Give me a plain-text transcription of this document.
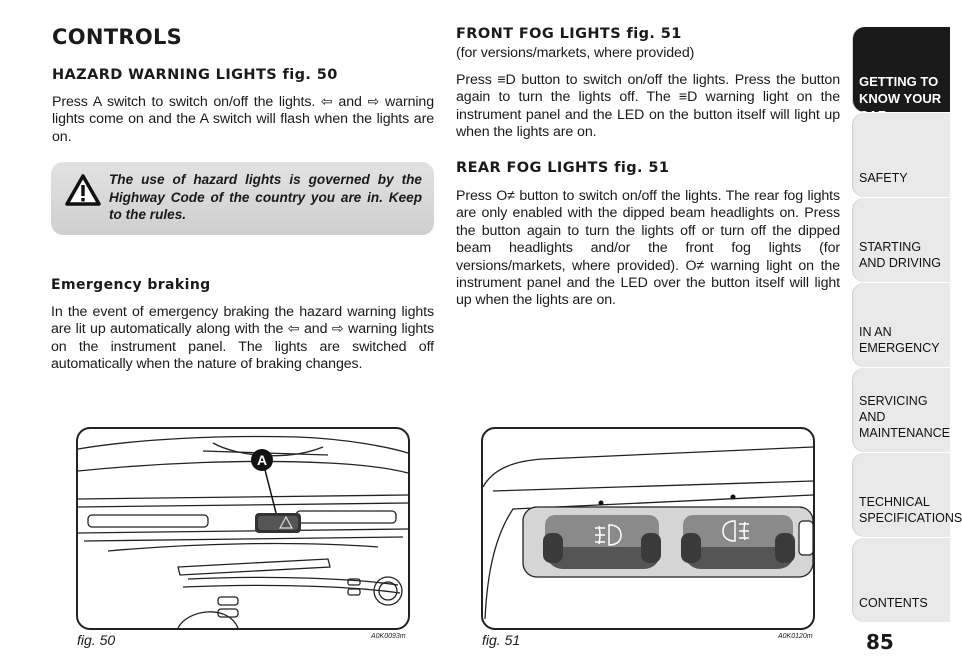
CONTROLS
HAZARD WARNING LIGHTS fig. 50
Press A switch to switch on/off the lights. ⇦ and ⇨ warning lights come on and the A switch will flash when the lights are on.
The use of hazard lights is governed by the Highway Code of the country you are in. Keep to the rules.
Emergency braking
In the event of emergency braking the hazard warning lights are lit up automatically along with the ⇦ and ⇨ warning lights on the instrument panel. The lights are switched off automatically when the nature of braking changes.
FRONT FOG LIGHTS fig. 51
(for versions/markets, where provided)
Press ≡D button to switch on/off the lights. Press the button again to turn the lights off. The ≡D warning light on the instrument panel and the LED on the button itself will light up when the lights are on.
REAR FOG LIGHTS fig. 51
Press O≠ button to switch on/off the lights. The rear fog lights are only enabled with the dipped beam headlights on. Press the button again to turn the lights off or turn off the dipped beam headlights and/or the front fog lights (for versions/markets, where provided). O≠ warning light on the instrument panel and the LED over the button itself will light up when the lights are on.
A
fig. 50	A0K0093m	fig. 51	A0K0120m
GETTING TO KNOW YOUR
SAFETY
STARTING AND DRIVING
IN AN EMERGENCY
SERVICING AND MAINTENANCE
TECHNICAL SPECIFICATIONS
CONTENTS
85
